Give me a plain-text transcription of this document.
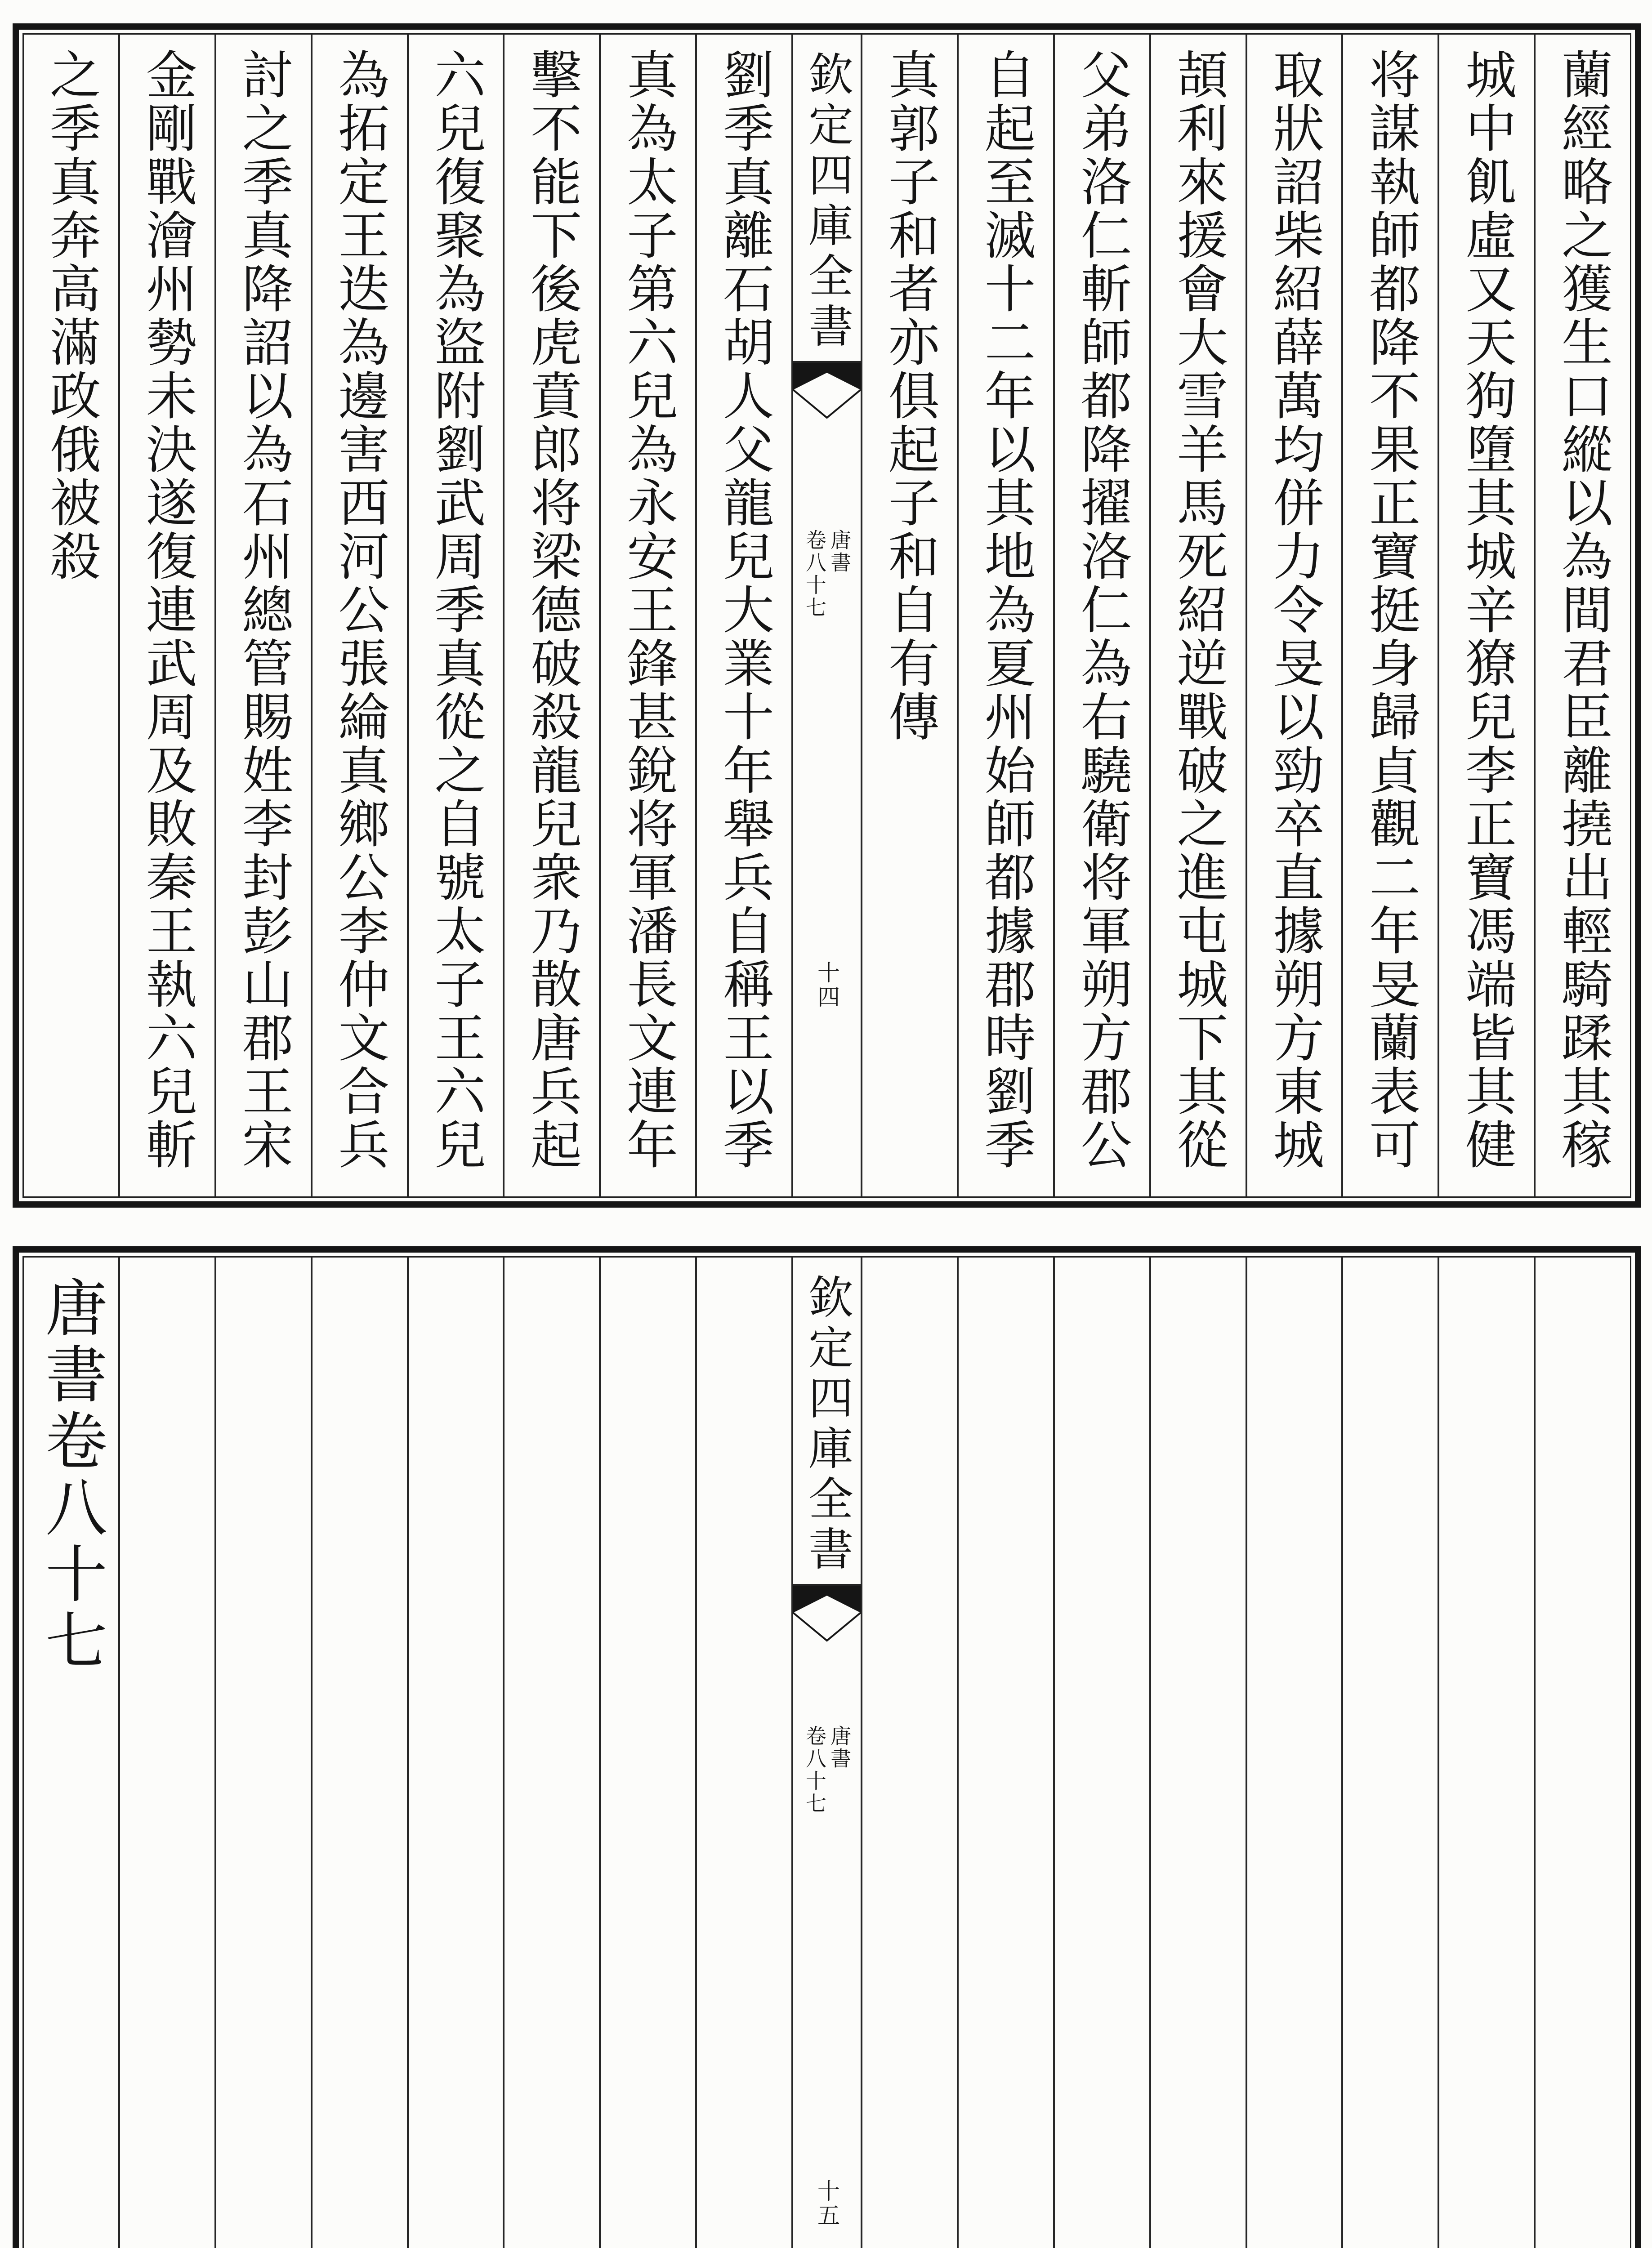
蘭經略之獲生口縱以為間君臣離撓出輕騎蹂其稼
城中飢虛又天狗墮其城辛獠兒李正寶馮端皆其健
将謀執師都降不果正寶挺身歸貞觀二年旻蘭表可
取狀詔柴紹薛萬均併力令旻以勁卒直據朔方東城
頡利來援會大雪羊馬死紹逆戰破之進屯城下其從
父弟洛仁斬師都降擢洛仁為右驍衛将軍朔方郡公
自起至滅十二年以其地為夏州始師都據郡時劉季
真郭子和者亦俱起子和自有傳
欽定四庫全書
唐書
卷八十七
十四
劉季真離石胡人父龍兒大業十年舉兵自稱王以季
真為太子第六兒為永安王鋒甚銳将軍潘長文連年
擊不能下後虎賁郎将梁德破殺龍兒衆乃散唐兵起
六兒復聚為盜附劉武周季真從之自號太子王六兒
為拓定王迭為邊害西河公張綸真鄉公李仲文合兵
討之季真降詔以為石州總管賜姓李封彭山郡王宋
金剛戰澮州勢未決遂復連武周及敗秦王執六兒斬
之季真奔高滿政俄被殺
欽定四庫全書
唐書
卷八十七
十五
唐書卷八十七
